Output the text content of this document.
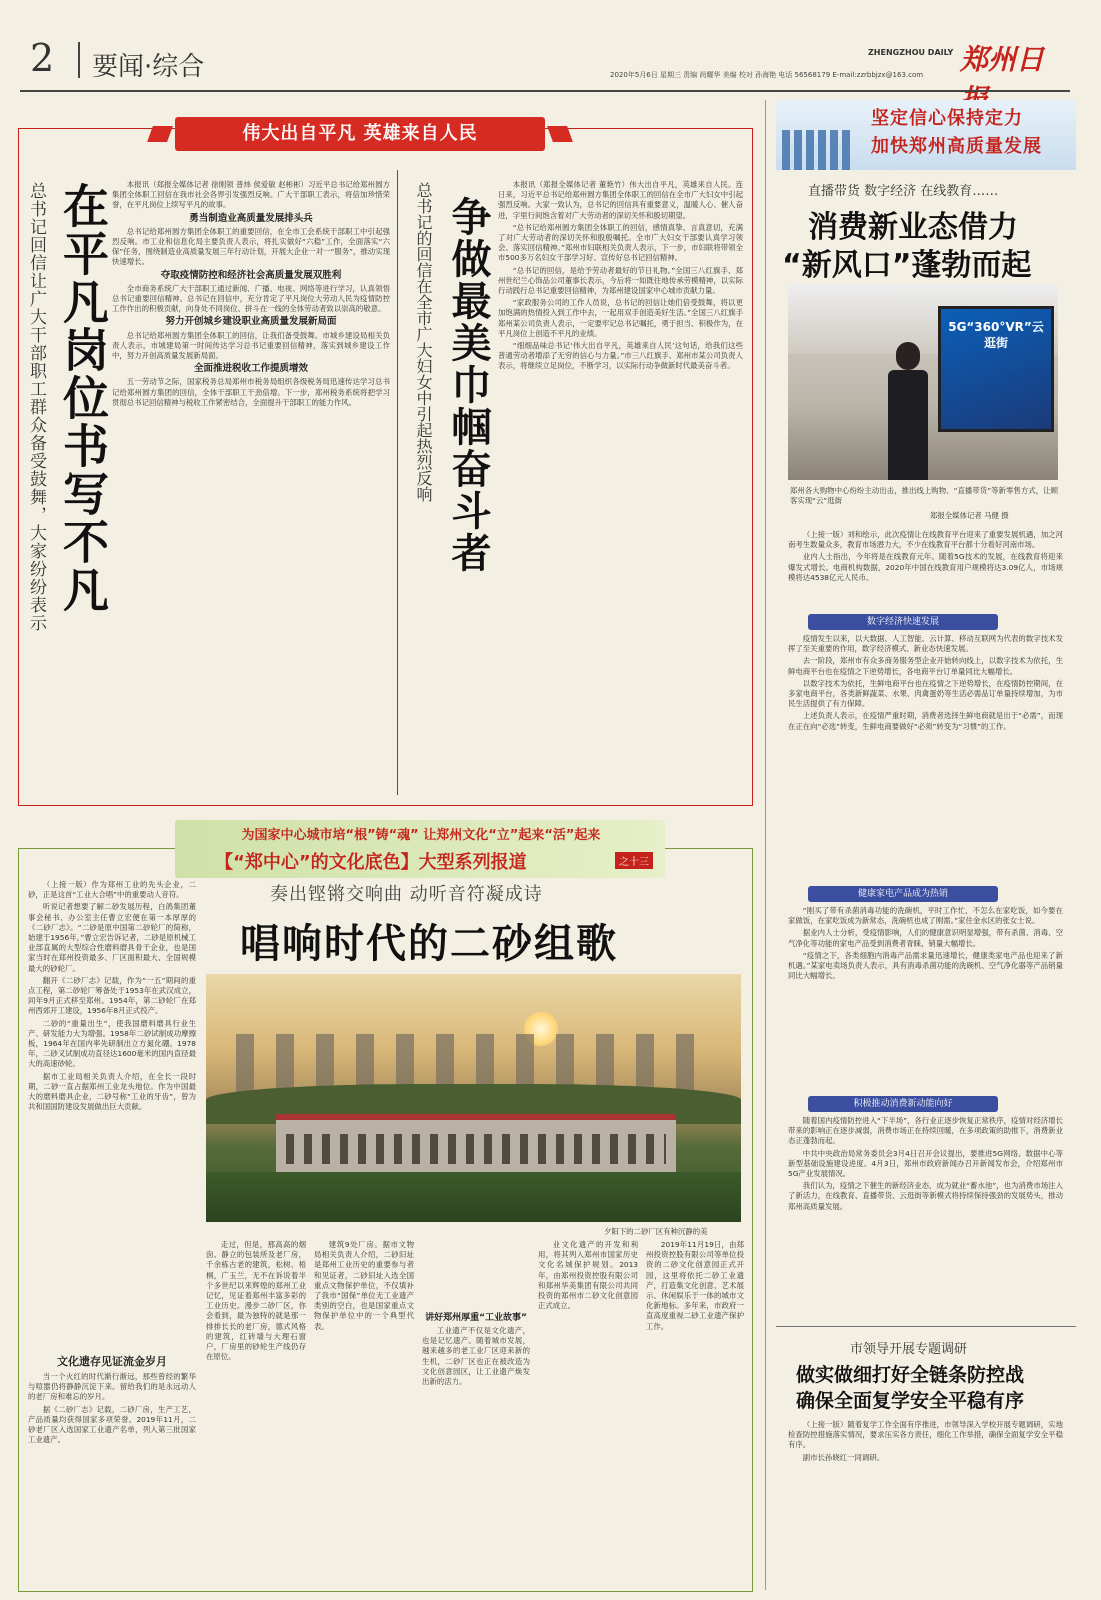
2 要闻·综合	ZHENGZHOU DAILY 郑州日
2020年5月6日 星期三 责编 尚耀华 美编 校对 孙海艳 电话 56568179 E-mail:zzrbbjzx@163.com
伟大出自平凡 英雄来自人民
在平凡岗位书写不凡
总书记回信让广大干部职工群众备受鼓舞，大家纷纷表示	本报讯（郑报全媒体记者 徐刚领 普炜 侯爱敏 赵彬彬）习近平总书记给郑州圆方集团全体职工回信在我市社会各界引发强烈反响。广大干部职工表示，将倍加珍惜荣誉，在平凡岗位上续写平凡的故事。

勇当制造业高质量发展排头兵

总书记给郑州圆方集团全体职工的重要回信，在全市工会系统干部职工中引起强烈反响。市工业和信息化局主要负责人表示，将扎实做好“六稳”工作，全面落实“六保”任务，围绕制造业高质量发展三年行动计划，开展大企业一对一“服务”，推动实现快速增长。

夺取疫情防控和经济社会高质量发展双胜利

全市商务系统广大干部职工通过新闻、广播、电视、网络等进行学习，认真领悟总书记重要回信精神。总书记在回信中，充分肯定了平凡岗位大劳动人民为疫情防控工作作出的积极贡献，向身处不同岗位、拼斗在一线的全体劳动者致以崇高的敬意。

努力开创城乡建设职业高质量发展新局面

总书记给郑州圆方集团全体职工的回信，让我们备受鼓舞。市城乡建设局相关负责人表示，市城建局第一时间传达学习总书记重要回信精神，落实到城乡建设工作中，努力开创高质量发展新局面。

全面推进税收工作提质增效

五一劳动节之际，国家税务总局郑州市税务局组织各级税务局迅速传达学习总书记给郑州圆方集团的回信，全体干部职工干劲倍增。下一步，郑州税务系统将把学习贯彻总书记回信精神与税收工作紧密结合，全面提升干部职工的能力作风。	争做最美巾帼奋斗者
总书记的回信在全市广大妇女中引起热烈反响	本报讯（郑报全媒体记者 董艳竹）伟大出自平凡，英雄来自人民。连日来，习近平总书记给郑州圆方集团全体职工的回信在全市广大妇女中引起强烈反响。大家一致认为，总书记的回信具有重要意义，温暖人心、催人奋进，字里行间饱含着对广大劳动者的深切关怀和殷切期望。

“总书记给郑州圆方集团全体职工的回信，感情真挚、言真意切，充满了对广大劳动者的深切关怀和殷殷嘱托。全市广大妇女干部要认真学习领会、落实回信精神。”郑州市妇联相关负责人表示，下一步，市妇联将带领全市500多万名妇女干部学习好、宣传好总书记回信精神。

“总书记的回信，是给予劳动者最好的节日礼物。”全国三八红旗手、郑州世纪兰心饰品公司董事长表示，今后将一如既往地传承劳模精神，以实际行动践行总书记重要回信精神，为郑州建设国家中心城市贡献力量。

“家政服务公司的工作人员说，总书记的回信让她们倍受鼓舞，将以更加饱满的热情投入到工作中去，一起用双手创造美好生活。”全国三八红旗手郑州某公司负责人表示，一定要牢记总书记嘱托，勇于担当、积极作为，在平凡岗位上创造不平凡的业绩。

“细细品味总书记‘伟大出自平凡，英雄来自人民’这句话，给我们这些普通劳动者增添了无穷的信心与力量。”市三八红旗手、郑州市某公司负责人表示，将继续立足岗位，不断学习，以实际行动争做新时代最美奋斗者。

坚定信心保持定力
加快郑州高质量发展
直播带货 数字经济 在线教育……
消费新业态借力
“新风口”蓬勃而起
5G“360°VR”云逛街
郑州各大购物中心纷纷主动出击，推出线上购物、“直播带货”等新零售方式，让顾客实现“云”逛街
郑报全媒体记者 马健 摄

（上接一版）刘和绘示，此次疫情让在线教育平台迎来了重要发展机遇，加之河南考生数量众多，教育市场潜力大，不少在线教育平台都十分看好河南市场。

业内人士指出，今年将是在线教育元年。随着5G技术的发展，在线教育将迎来爆发式增长。电商机构数据，2020年中国在线教育用户规模将达3.09亿人，市场规模将达4538亿元人民币。

数字经济快速发展

疫情发生以来，以大数据、人工智能、云计算、移动互联网为代表的数字技术发挥了至关重要的作用，数字经济模式、新业态快速发展。

去一阶段，郑州市有众多商务服务型企业开始转向线上，以数字技术为依托，生鲜电商平台也在疫情之下逆势增长，各电商平台订单量同比大幅增长。

以数字技术为依托，生鲜电商平台也在疫情之下逆势增长，在疫情防控期间，在多家电商平台，各类新鲜蔬菜、水果、肉禽蛋奶等生活必需品订单量持续增加，为市民生活提供了有力保障。

上述负责人表示，在疫情严重时期，消费者选择生鲜电商就是出于“必需”，而现在正在向“必选”转变，生鲜电商要做好“必须”转变为“习惯”的工作。

健康家电产品成为热销

“刚买了带有杀菌消毒功能的洗碗机，平时工作忙，不怎么在家吃饭，如今要在家做饭，在家吃饭成为新常态，洗碗机也成了刚需。”家住金水区的张女士说。

据业内人士分析，受疫情影响，人们的健康意识明显增强，带有杀菌、消毒、空气净化等功能的家电产品受到消费者青睐，销量大幅增长。

“疫情之下，各类细胞内消毒产品需求量迅速增长，健康类家电产品也迎来了新机遇。”某家电卖场负责人表示，具有消毒杀菌功能的洗碗机、空气净化器等产品销量同比大幅增长。

积极推动消费新动能向好

随着国内疫情防控进入“下半场”，各行业正逐步恢复正常秩序，疫情对经济增长带来的影响正在逐步减弱，消费市场正在持续回暖，在多项政策的助推下，消费新业态正蓬勃而起。

中共中央政治局常务委员会3月4日召开会议提出，要推进5G网络、数据中心等新型基础设施建设进度。4月3日，郑州市政府新闻办召开新闻发布会，介绍郑州市5G产业发展情况。

我们认为，疫情之下催生的新经济业态，成为就业“蓄水池”，也为消费市场注入了新活力，在线教育、直播带货、云逛街等新模式将持续保持强劲的发展势头，推动郑州高质量发展。

市领导开展专题调研
做实做细打好全链条防控战
确保全面复学安全平稳有序

（上接一版）随着复学工作全面有序推进，市领导深入学校开展专题调研，实地检查防控措施落实情况，要求压实各方责任，细化工作举措，确保全面复学安全平稳有序。

副市长孙晓红一同调研。

为国家中心城市培“根”铸“魂” 让郑州文化“立”起来“活”起来
【“郑中心”的文化底色】大型系列报道	之十三
奏出铿锵交响曲 动听音符凝成诗
唱响时代的二砂组歌

（上接一版）作为郑州工业的先头企业，二砂，正是这首“工业大合唱”中的重要动人音符。

听说记者想要了解二砂发展历程，白鸽集团董事会秘书、办公室主任曹立宏便在第一本厚厚的《二砂厂志》。“二砂是原中国第二砂轮厂的简称，始建于1956年，”曹立宏告诉记者，二砂是原机械工业部直属的大型综合性磨料磨具骨干企业，也是国家当时在郑州投资最多、厂区面积最大、全国规模最大的砂轮厂。

翻开《二砂厂志》记载，作为“一五”期间的重点工程，第二砂轮厂筹备处于1953年在武汉成立，同年9月正式移至郑州。1954年，第二砂轮厂在郑州西郊开工建设，1956年8月正式投产。

二砂的“重量出生”，使我国磨料磨具行业生产、研发能力大为增强。1958年二砂试制成功摩擦板，1964年在国内率先研制出立方氮化硼。1978年，二砂又试制成功直径达1600毫米的国内直径最大的高速砂轮。

据市工业局相关负责人介绍，在全长一段时期，二砂一直占据郑州工业龙头地位。作为中国最大的磨料磨具企业，二砂号称“工业的牙齿”，曾为共和国国防建设发展做出巨大贡献。

文化遗存见证流金岁月

当一个火红的时代渐行渐远，那些曾经的繁华与喧嚣仍将静静沉淀下来。留给我们的是永远动人的老厂房和难忘的岁月。

据《二砂厂志》记载，二砂厂房，生产工艺，产品质量均获得国家多项荣誉。2019年11月，二砂老厂区入选国家工业遗产名单，列入第三批国家工业遗产。

夕阳下的二砂厂区有种沉静的美

走过，但是，那高高的烟囱、静立的包装所及老厂房，千余栋古老的建筑，松树、梧桐，广玉兰，无不在诉说着半个多世纪以来辉煌的郑州工业记忆，见证着郑州丰富多彩的工业历史。漫步二砂厂区，你会看到，最为独特的就是那一排排长长的老厂房，德式风格的建筑，红砖墙与大理石窗户，厂房里的砂轮生产线仍存在原位。

建筑9处厂房。据市文物局相关负责人介绍，二砂旧址是郑州工业历史的重要参与者和见证者，二砂旧址入选全国重点文物保护单位，不仅填补了我市“国保”单位无工业遗产类别的空白，也是国家重点文物保护单位中的一个典型代表。

讲好郑州厚重“工业故事”

工业遗产不仅是文化遗产，也是记忆遗产。随着城市发展，越来越多的老工业厂区迎来新的生机，二砂厂区也正在被改造为文化创意园区，让工业遗产焕发出新的活力。

业文化遗产的开发和利用，将其列入郑州市国家历史文化名城保护规划。2013年，由郑州投资控股有限公司和郑州华美集团有限公司共同投资的郑州市二砂文化创意园正式成立。

2019年11月19日，由郑州投资控股有限公司等单位投资的二砂文化创意园正式开园，这里将依托二砂工业遗产，打造集文化创意、艺术展示、休闲娱乐于一体的城市文化新地标。多年来，市政府一直高度重视二砂工业遗产保护工作。
